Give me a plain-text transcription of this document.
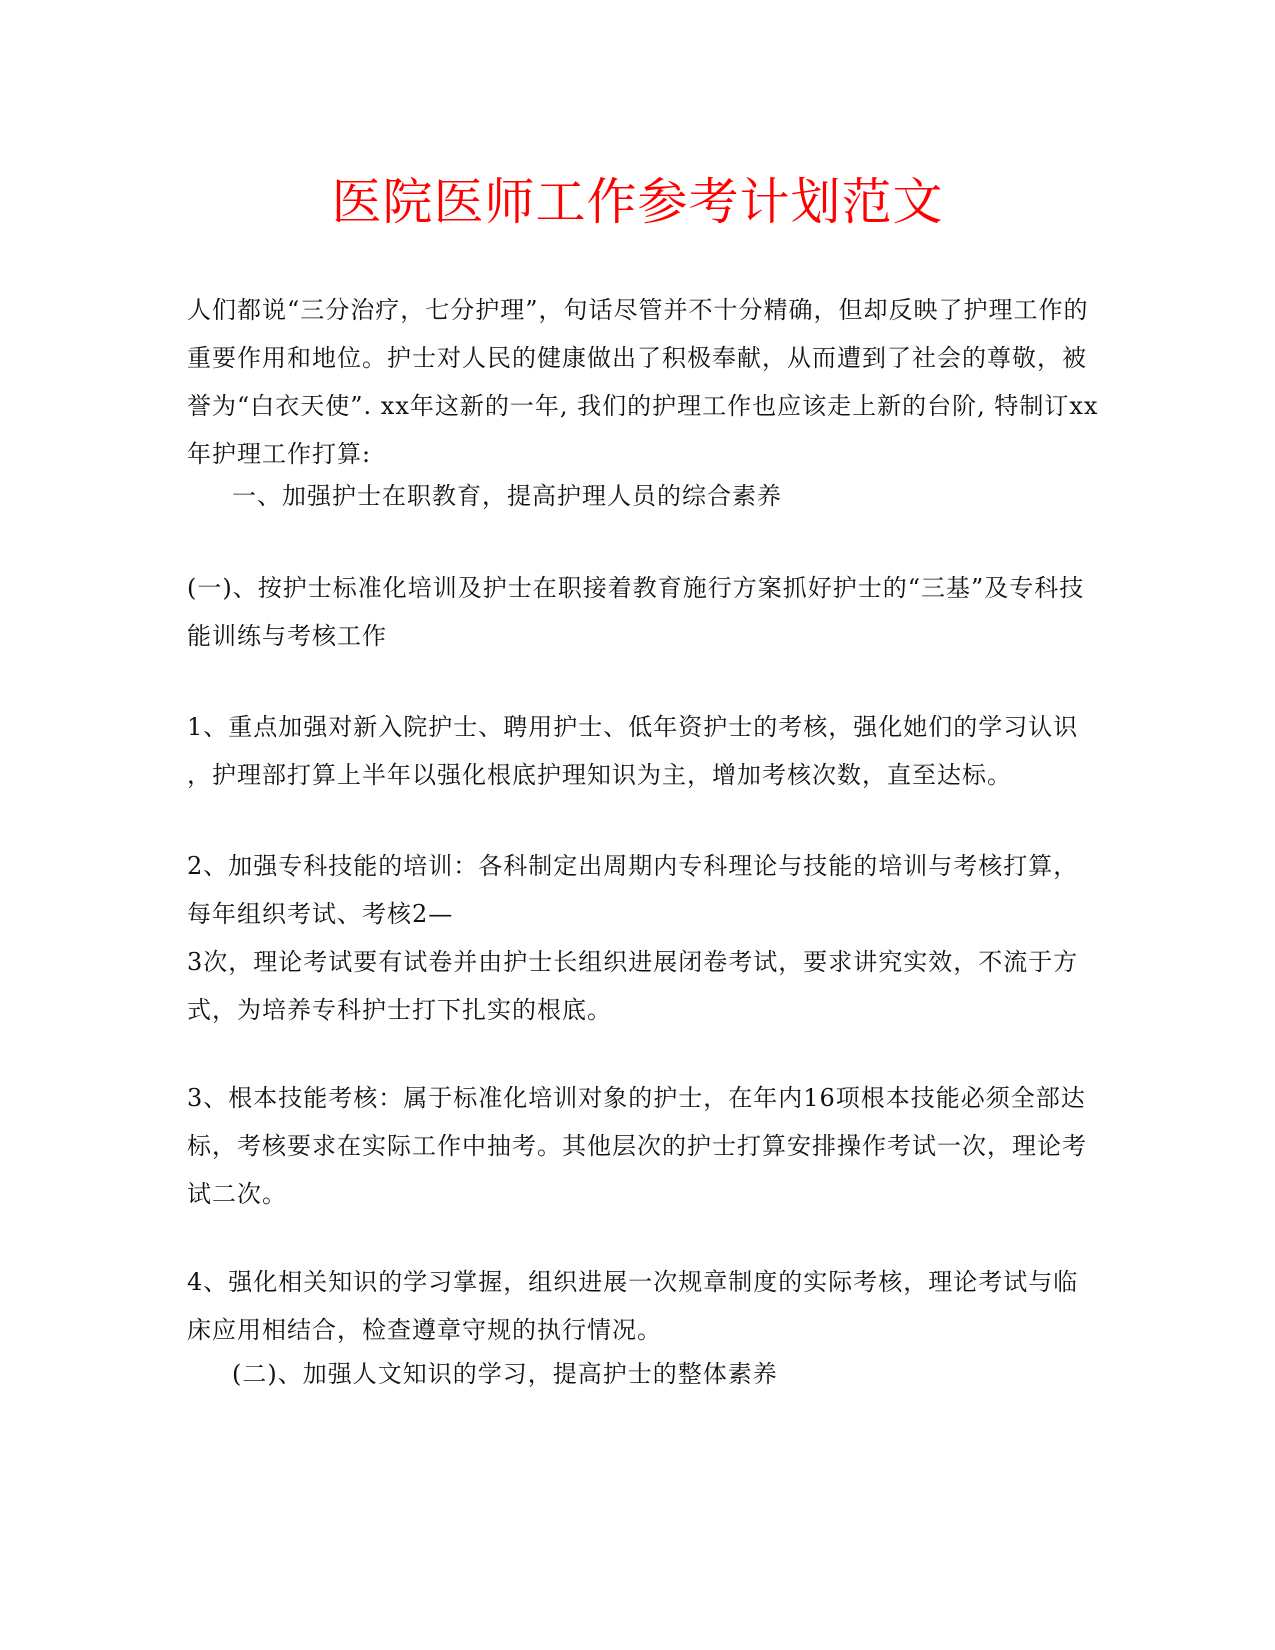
医院医师工作参考计划范文

人们都说“三分治疗，七分护理”，句话尽管并不十分精确，但却反映了护理工作的
重要作用和地位。护士对人民的健康做出了积极奉献，从而遭到了社会的尊敬，被
誉为“白衣天使”. xx年这新的一年, 我们的护理工作也应该走上新的台阶, 特制订xx
年护理工作打算:

一、加强护士在职教育，提高护理人员的综合素养

(一)、按护士标准化培训及护士在职接着教育施行方案抓好护士的“三基”及专科技
能训练与考核工作

1、重点加强对新入院护士、聘用护士、低年资护士的考核，强化她们的学习认识
，护理部打算上半年以强化根底护理知识为主，增加考核次数，直至达标。

2、加强专科技能的培训：各科制定出周期内专科理论与技能的培训与考核打算，
每年组织考试、考核2—
3次，理论考试要有试卷并由护士长组织进展闭卷考试，要求讲究实效，不流于方
式，为培养专科护士打下扎实的根底。

3、根本技能考核：属于标准化培训对象的护士，在年内16项根本技能必须全部达
标，考核要求在实际工作中抽考。其他层次的护士打算安排操作考试一次，理论考
试二次。

4、强化相关知识的学习掌握，组织进展一次规章制度的实际考核，理论考试与临
床应用相结合，检查遵章守规的执行情况。

(二)、加强人文知识的学习，提高护士的整体素养
